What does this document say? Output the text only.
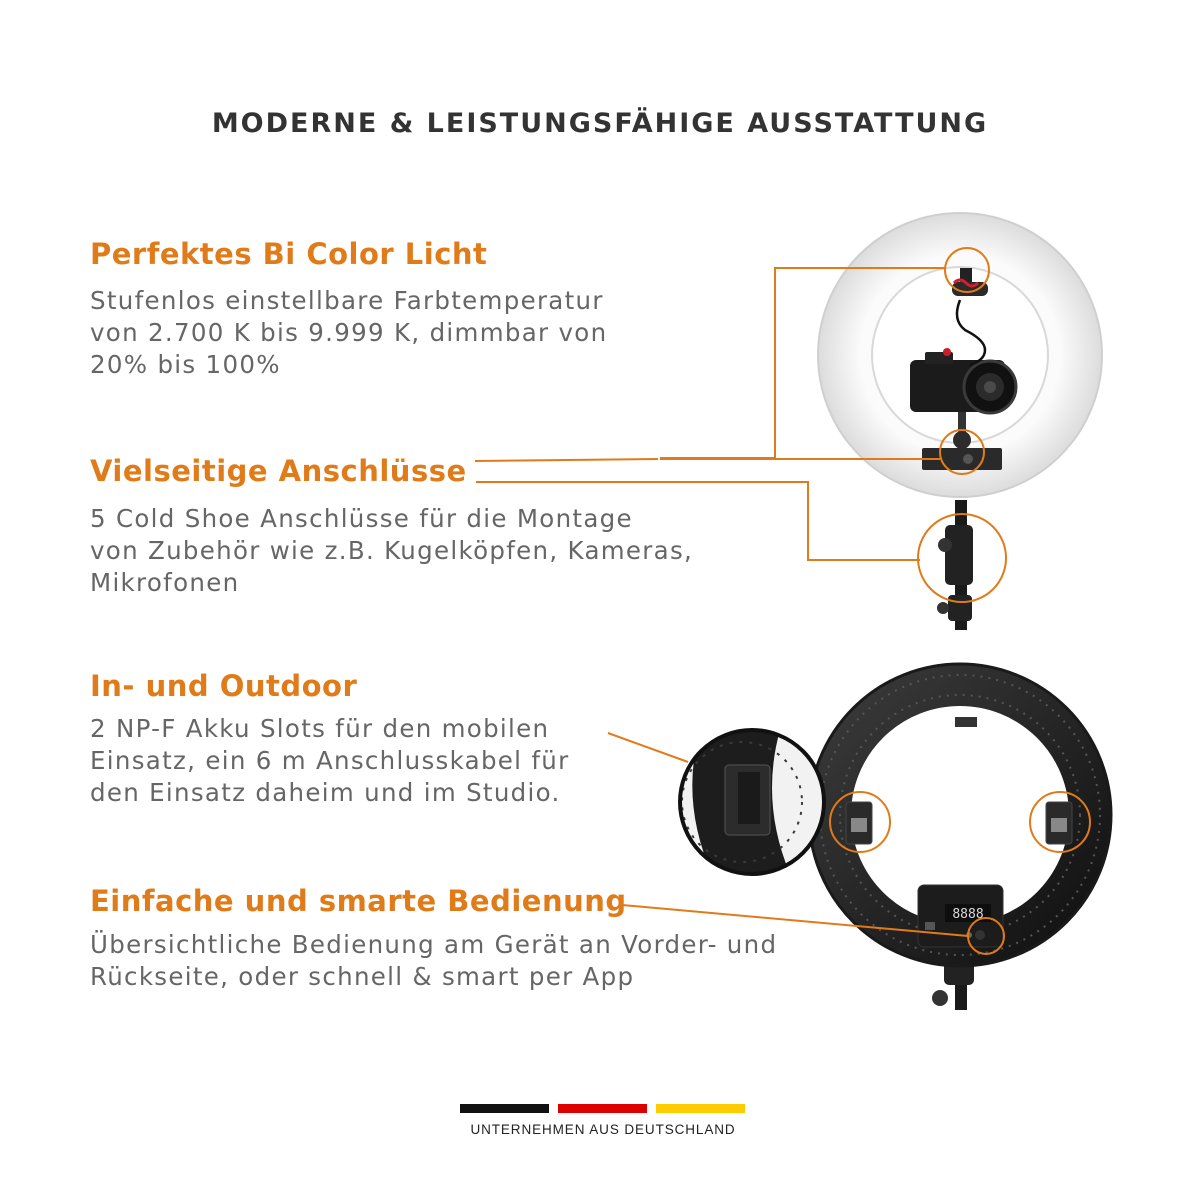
MODERNE & LEISTUNGSFÄHIGE AUSSTATTUNG
Perfektes Bi Color Licht

Stufenlos einstellbare Farbtemperatur
von 2.700 K bis 9.999 K, dimmbar von
20% bis 100%

Vielseitige Anschlüsse

5 Cold Shoe Anschlüsse für die Montage
von Zubehör wie z.B. Kugelköpfen, Kameras,
Mikrofonen

In- und Outdoor

2 NP-F Akku Slots für den mobilen
Einsatz, ein 6 m Anschlusskabel für
den Einsatz daheim und im Studio.

Einfache und smarte Bedienung

Übersichtliche Bedienung am Gerät an Vorder- und
Rückseite, oder schnell & smart per App

8888
UNTERNEHMEN AUS DEUTSCHLAND
